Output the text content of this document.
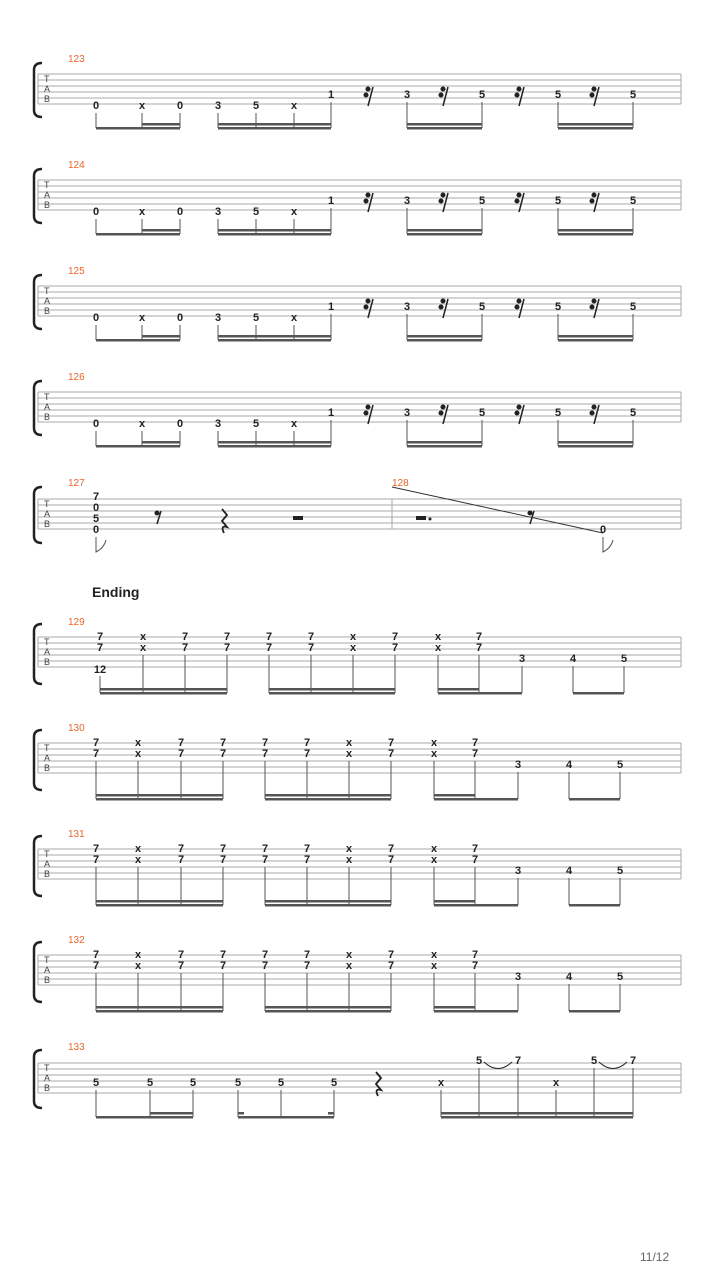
T
A
B
123
0	x	0	3	5	x
1	3	5	5	5
T
A
B
124
0	x	0	3	5	x
1	3	5	5	5
T
A
B
125
0	x	0	3	5	x
1	3	5	5	5
T
A
B
126
0	x	0	3	5	x
1	3	5	5	5
T
A
B
127	128
7
0
5
0	0
T
A
B
129
7
7
12
x
x
7
7
7
7
7
7
7
7
x
x
7
7
x
x
7
7
3	4	5
T
A
B
130
7
7
x
x
7
7
7
7
7
7
7
7
x
x
7
7
x
x
7
7
3	4	5
T
A
B
131
7
7
x
x
7
7
7
7
7
7
7
7
x
x
7
7
x
x
7
7
3	4	5
T
A
B
132
7
7
x
x
7
7
7
7
7
7
7
7
x
x
7
7
x
x
7
7
3	4	5
T
A
B
133
5	5	5	5	5	5	x
5	7
x
5	7
Ending
11/12
